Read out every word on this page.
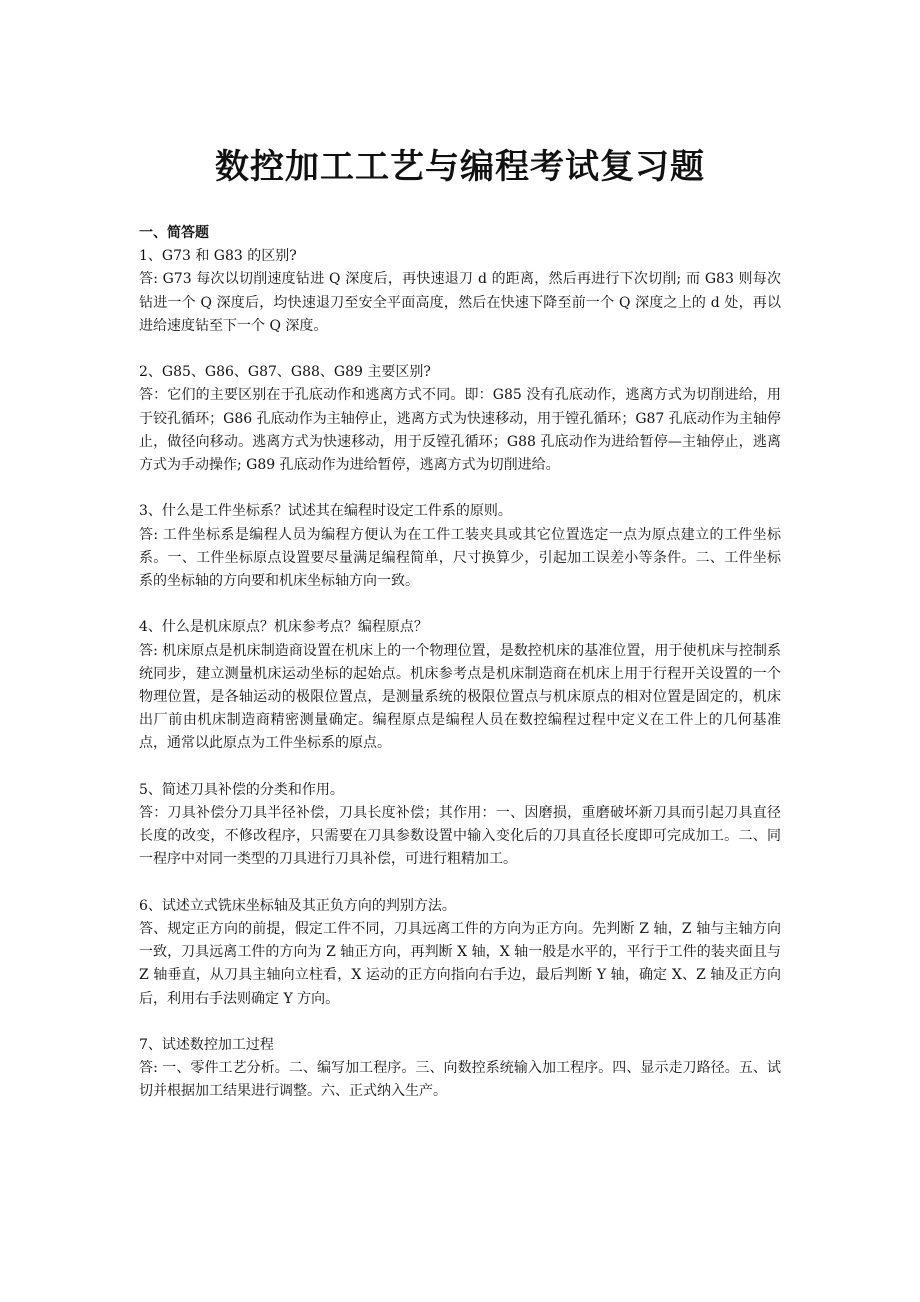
数控加工工艺与编程考试复习题

一、简答题

1、G73 和 G83 的区别?

答: G73 每次以切削速度钻进 Q 深度后，再快速退刀 d 的距离，然后再进行下次切削; 而 G83 则每次钻进一个 Q 深度后，均快速退刀至安全平面高度，然后在快速下降至前一个 Q 深度之上的 d 处，再以进给速度钻至下一个 Q 深度。

2、G85、G86、G87、G88、G89 主要区别?

答：它们的主要区别在于孔底动作和逃离方式不同。即：G85 没有孔底动作，逃离方式为切削进给，用于铰孔循环；G86 孔底动作为主轴停止，逃离方式为快速移动，用于镗孔循环；G87 孔底动作为主轴停止，做径向移动。逃离方式为快速移动，用于反镗孔循环；G88 孔底动作为进给暂停—主轴停止，逃离方式为手动操作; G89 孔底动作为进给暂停，逃离方式为切削进给。

3、什么是工件坐标系？试述其在编程时设定工件系的原则。

答: 工件坐标系是编程人员为编程方便认为在工件工装夹具或其它位置选定一点为原点建立的工件坐标系。一、工件坐标原点设置要尽量满足编程简单，尺寸换算少，引起加工误差小等条件。二、工件坐标系的坐标轴的方向要和机床坐标轴方向一致。

4、什么是机床原点？机床参考点？编程原点？

答: 机床原点是机床制造商设置在机床上的一个物理位置，是数控机床的基准位置，用于使机床与控制系统同步，建立测量机床运动坐标的起始点。机床参考点是机床制造商在机床上用于行程开关设置的一个物理位置，是各轴运动的极限位置点，是测量系统的极限位置点与机床原点的相对位置是固定的，机床出厂前由机床制造商精密测量确定。编程原点是编程人员在数控编程过程中定义在工件上的几何基准点，通常以此原点为工件坐标系的原点。

5、简述刀具补偿的分类和作用。

答：刀具补偿分刀具半径补偿，刀具长度补偿；其作用：一、因磨损，重磨破坏新刀具而引起刀具直径长度的改变，不修改程序，只需要在刀具参数设置中输入变化后的刀具直径长度即可完成加工。二、同一程序中对同一类型的刀具进行刀具补偿，可进行粗精加工。

6、试述立式铣床坐标轴及其正负方向的判别方法。

答、规定正方向的前提，假定工件不同，刀具远离工件的方向为正方向。先判断 Z 轴，Z 轴与主轴方向一致，刀具远离工件的方向为 Z 轴正方向，再判断 X 轴，X 轴一般是水平的，平行于工件的装夹面且与 Z 轴垂直，从刀具主轴向立柱看，X 运动的正方向指向右手边，最后判断 Y 轴，确定 X、Z 轴及正方向后，利用右手法则确定 Y 方向。

7、试述数控加工过程

答: 一、零件工艺分析。二、编写加工程序。三、向数控系统输入加工程序。四、显示走刀路径。五、试切并根据加工结果进行调整。六、正式纳入生产。
